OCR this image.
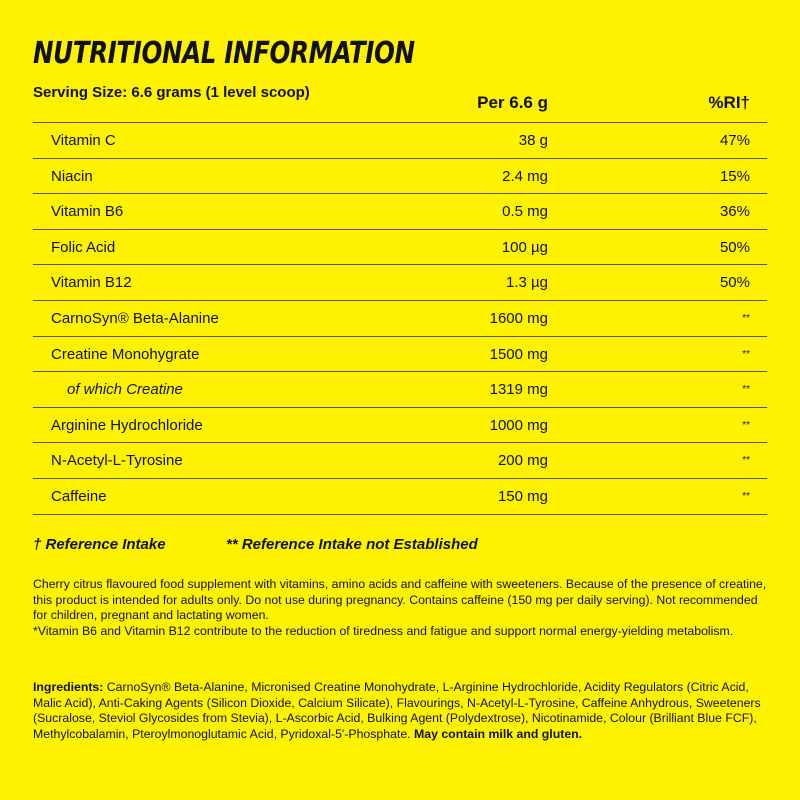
NUTRITIONAL INFORMATION
Serving Size: 6.6 grams (1 level scoop)
Per 6.6 g	%RI†
Vitamin C	38 g	47%
Niacin	2.4 mg	15%
Vitamin B6	0.5 mg	36%
Folic Acid	100 µg	50%
Vitamin B12	1.3 µg	50%
CarnoSyn® Beta-Alanine	1600 mg	**
Creatine Monohygrate	1500 mg	**
of which Creatine	1319 mg	**
Arginine Hydrochloride	1000 mg	**
N-Acetyl-L-Tyrosine	200 mg	**
Caffeine	150 mg	**
† Reference Intake	** Reference Intake not Established

Cherry citrus flavoured food supplement with vitamins, amino acids and caffeine with sweeteners. Because of the presence of creatine, this product is intended for adults only. Do not use during pregnancy. Contains caffeine (150 mg per daily serving). Not recommended for children, pregnant and lactating women.

*Vitamin B6 and Vitamin B12 contribute to the reduction of tiredness and fatigue and support normal energy-yielding metabolism.

Ingredients: CarnoSyn® Beta-Alanine, Micronised Creatine Monohydrate, L-Arginine Hydrochloride, Acidity Regulators (Citric Acid, Malic Acid), Anti-Caking Agents (Silicon Dioxide, Calcium Silicate), Flavourings, N-Acetyl-L-Tyrosine, Caffeine Anhydrous, Sweeteners (Sucralose, Steviol Glycosides from Stevia), L-Ascorbic Acid, Bulking Agent (Polydextrose), Nicotinamide, Colour (Brilliant Blue FCF), Methylcobalamin, Pteroylmonoglutamic Acid, Pyridoxal-5'-Phosphate. May contain milk and gluten.
